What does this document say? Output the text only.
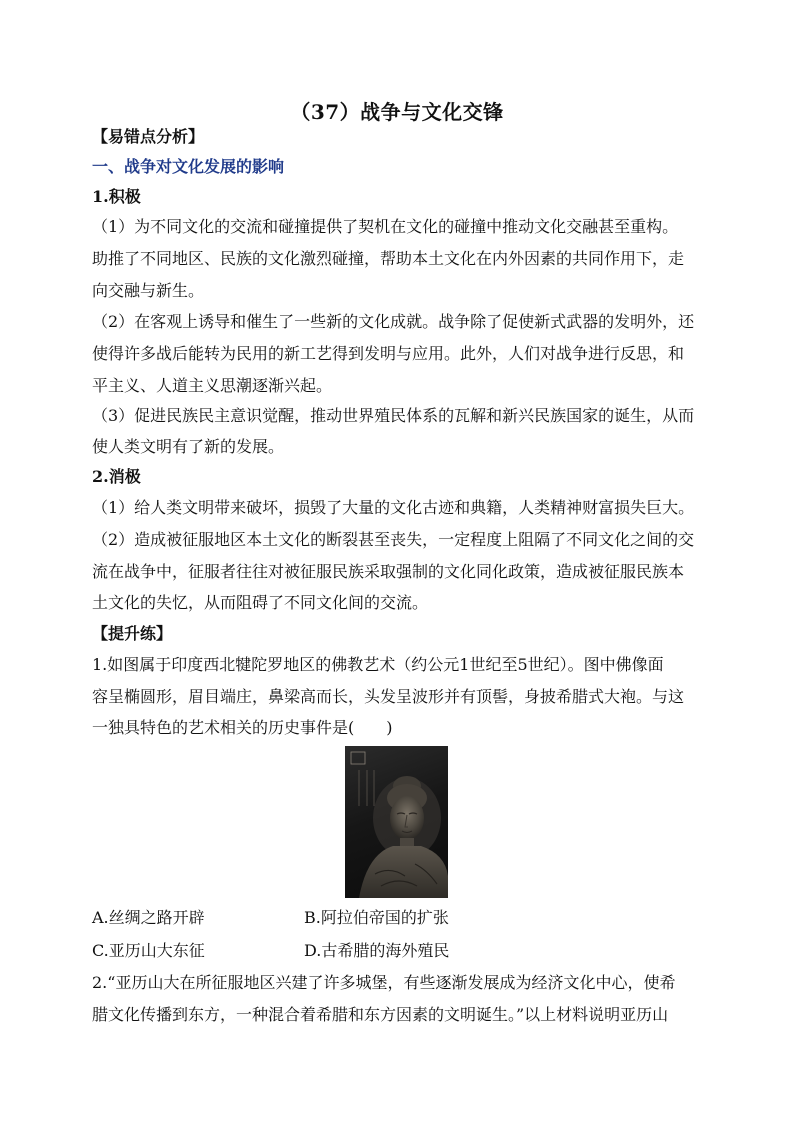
（37）战争与文化交锋
【易错点分析】
一、战争对文化发展的影响
1.积极
（1）为不同文化的交流和碰撞提供了契机在文化的碰撞中推动文化交融甚至重构。
助推了不同地区、民族的文化激烈碰撞，帮助本土文化在内外因素的共同作用下，走
向交融与新生。
（2）在客观上诱导和催生了一些新的文化成就。战争除了促使新式武器的发明外，还
使得许多战后能转为民用的新工艺得到发明与应用。此外，人们对战争进行反思，和
平主义、人道主义思潮逐渐兴起。
（3）促进民族民主意识觉醒，推动世界殖民体系的瓦解和新兴民族国家的诞生，从而
使人类文明有了新的发展。
2.消极
（1）给人类文明带来破坏，损毁了大量的文化古迹和典籍，人类精神财富损失巨大。
（2）造成被征服地区本土文化的断裂甚至丧失，一定程度上阻隔了不同文化之间的交
流在战争中，征服者往往对被征服民族采取强制的文化同化政策，造成被征服民族本
土文化的失忆，从而阻碍了不同文化间的交流。
【提升练】
1.如图属于印度西北犍陀罗地区的佛教艺术（约公元1世纪至5世纪）。图中佛像面
容呈椭圆形，眉目端庄，鼻梁高而长，头发呈波形并有顶髻，身披希腊式大袍。与这
一独具特色的艺术相关的历史事件是(　　)
A.丝绸之路开辟	B.阿拉伯帝国的扩张
C.亚历山大东征	D.古希腊的海外殖民
2.“亚历山大在所征服地区兴建了许多城堡，有些逐渐发展成为经济文化中心，使希
腊文化传播到东方，一种混合着希腊和东方因素的文明诞生。”以上材料说明亚历山
